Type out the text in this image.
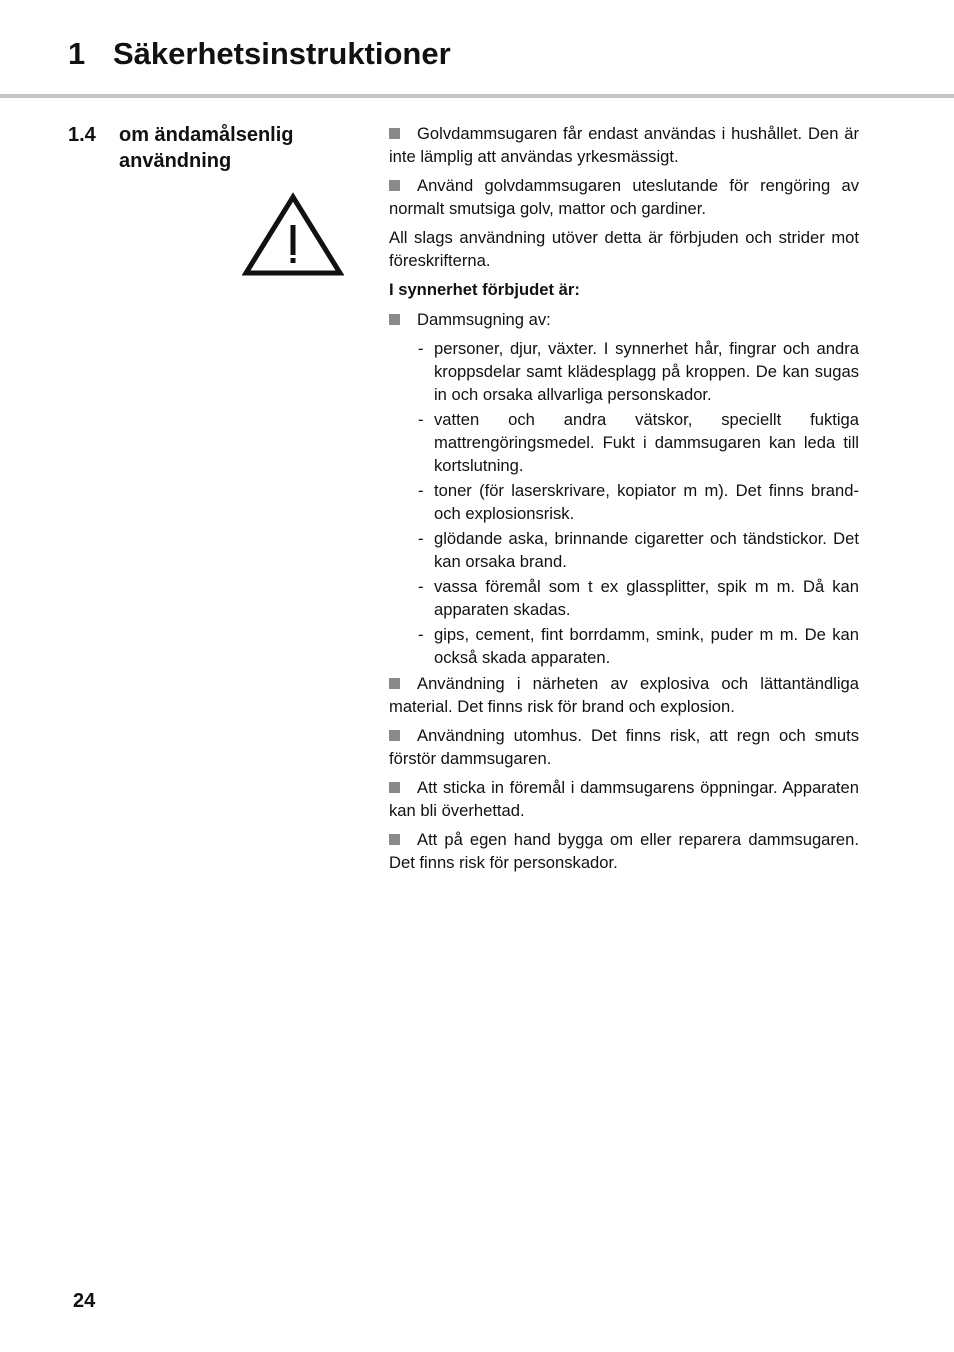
1 Säkerhetsinstruktioner
1.4 om ändamålsenlig användning

Golvdammsugaren får endast användas i hushållet. Den är inte lämplig att användas yrkesmässigt.

Använd golvdammsugaren uteslutande för rengöring av normalt smutsiga golv, mattor och gardiner.

All slags användning utöver detta är förbjuden och strider mot föreskrifterna.

I synnerhet förbjudet är:

Dammsugning av:

- personer, djur, växter. I synnerhet hår, fingrar och andra kroppsdelar samt klädesplagg på kroppen. De kan sugas in och orsaka allvarliga personskador.
- vatten och andra vätskor, speciellt fuktiga mattrengöringsmedel. Fukt i dammsugaren kan leda till kortslutning.
- toner (för laserskrivare, kopiator m m). Det finns brand- och explosionsrisk.
- glödande aska, brinnande cigaretter och tändstickor. Det kan orsaka brand.
- vassa föremål som t ex glassplitter, spik m m. Då kan apparaten skadas.
- gips, cement, fint borrdamm, smink, puder m m. De kan också skada apparaten.

Användning i närheten av explosiva och lättantändliga material. Det finns risk för brand och explosion.

Användning utomhus. Det finns risk, att regn och smuts förstör dammsugaren.

Att sticka in föremål i dammsugarens öppningar. Apparaten kan bli överhettad.

Att på egen hand bygga om eller reparera dammsugaren. Det finns risk för personskador.

24
